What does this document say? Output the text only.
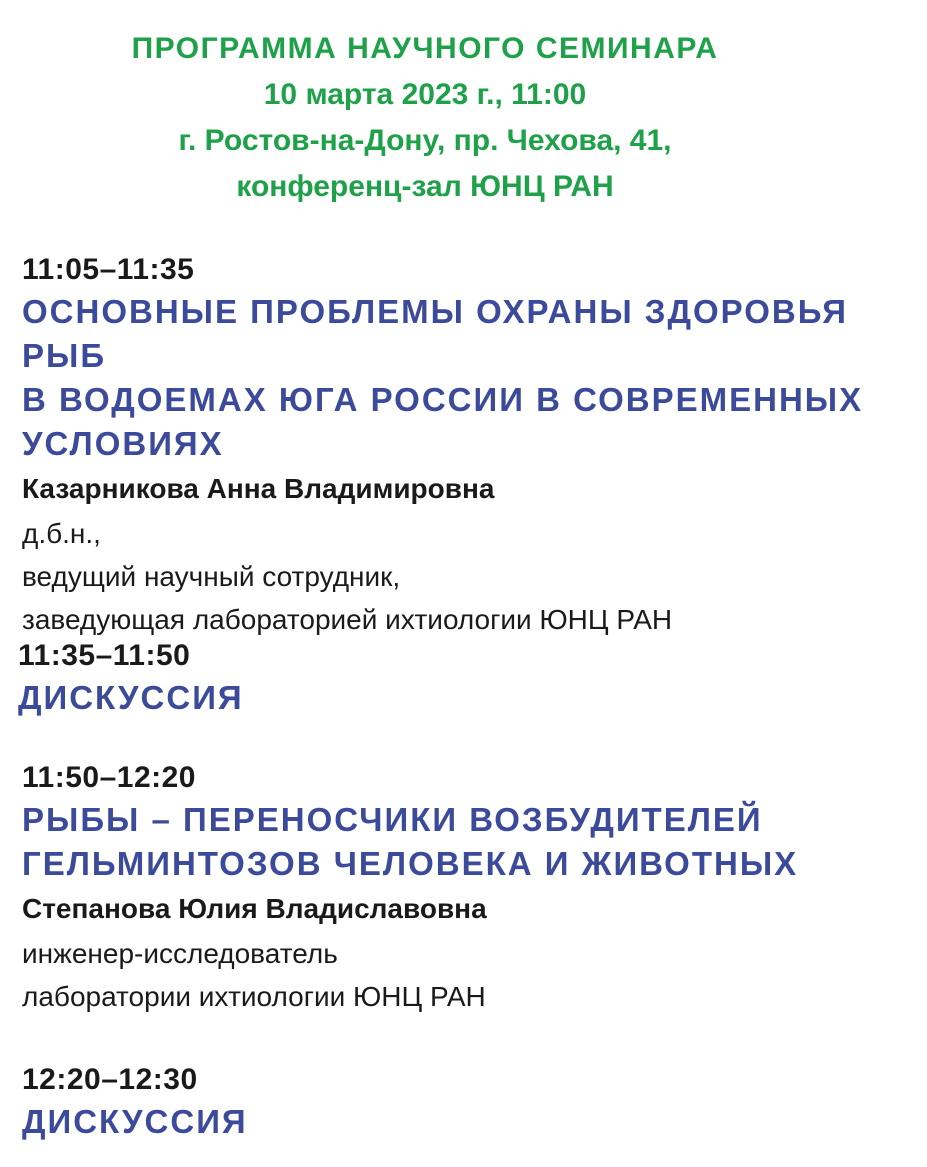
ПРОГРАММА НАУЧНОГО СЕМИНАРА
10 марта 2023 г., 11:00
г. Ростов-на-Дону, пр. Чехова, 41,
конференц-зал ЮНЦ РАН
11:05–11:35
ОСНОВНЫЕ ПРОБЛЕМЫ ОХРАНЫ ЗДОРОВЬЯ РЫБ
В ВОДОЕМАХ ЮГА РОССИИ В СОВРЕМЕННЫХ
УСЛОВИЯХ
Казарникова Анна Владимировна
д.б.н.,
ведущий научный сотрудник,
заведующая лабораторией ихтиологии ЮНЦ РАН
11:35–11:50
ДИСКУССИЯ
11:50–12:20
РЫБЫ – ПЕРЕНОСЧИКИ ВОЗБУДИТЕЛЕЙ
ГЕЛЬМИНТОЗОВ ЧЕЛОВЕКА И ЖИВОТНЫХ
Степанова Юлия Владиславовна
инженер-исследователь
лаборатории ихтиологии ЮНЦ РАН
12:20–12:30
ДИСКУССИЯ
